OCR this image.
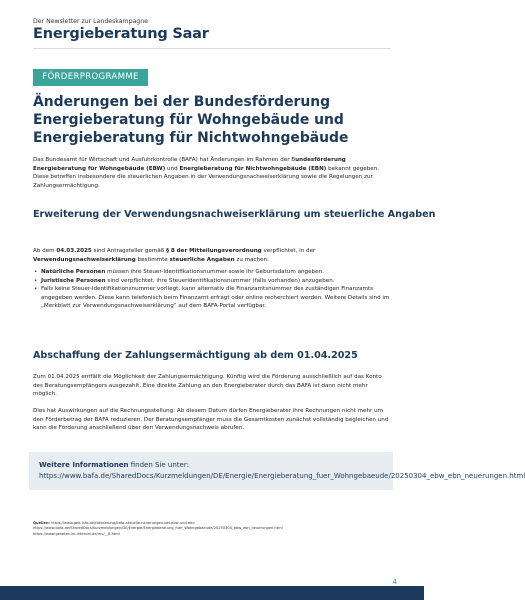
Der Newsletter zur Landeskampagne
Energieberatung Saar
FÖRDERPROGRAMME
Änderungen bei der Bundesförderung Energieberatung für Wohngebäude und Energieberatung für Nichtwohngebäude
Das Bundesamt für Wirtschaft und Ausfuhrkontrolle (BAFA) hat Änderungen im Rahmen der Bundesförderung Energieberatung für Wohngebäude (EBW) und Energieberatung für Nichtwohngebäude (EBN) bekannt gegeben. Diese betreffen insbesondere die steuerlichen Angaben in der Verwendungsnachweiserklärung sowie die Regelungen zur Zahlungsermächtigung.
Erweiterung der Verwendungsnachweiserklärung um steuerliche Angaben
Ab dem 04.03.2025 sind Antragsteller gemäß § 8 der Mitteilungsverordnung verpflichtet, in der Verwendungsnachweiserklärung bestimmte steuerliche Angaben zu machen:
• Natürliche Personen müssen ihre Steuer-Identifikationsnummer sowie ihr Geburtsdatum angeben.
• Juristische Personen sind verpflichtet, ihre Steueridentifikationsnummer (falls vorhanden) anzugeben.
• Falls keine Steuer-Identifikationsnummer vorliegt, kann alternativ die Finanzamtsnummer des zuständigen Finanzamts angegeben werden. Diese kann telefonisch beim Finanzamt erfragt oder online recherchiert werden. Weitere Details sind im „Merkblatt zur Verwendungsnachweiserklärung“ auf dem BAFA-Portal verfügbar.
Abschaffung der Zahlungsermächtigung ab dem 01.04.2025

Zum 01.04.2025 entfällt die Möglichkeit der Zahlungsermächtigung. Künftig wird die Förderung ausschließlich auf das Konto des Beratungsempfängers ausgezahlt. Eine direkte Zahlung an den Energieberater durch das BAFA ist dann nicht mehr möglich.

Dies hat Auswirkungen auf die Rechnungsstellung: Ab diesem Datum dürfen Energieberater ihre Rechnungen nicht mehr um den Förderbetrag der BAFA reduzieren. Der Beratungsempfänger muss die Gesamtkosten zunächst vollständig begleichen und kann die Förderung anschließend über den Verwendungsnachweis abrufen.

Weitere Informationen finden Sie unter: https://www.bafa.de/SharedDocs/Kurzmeldungen/DE/Energie/Energieberatung_fuer_Wohngebaeude/20250304_ebw_ebn_neuerungen.html
Quellen: https://www.geb-info.de/foerderung/bafa-aktuelle-neuerungen-bei-ebw-und-ebn
https://www.bafa.de/SharedDocs/Kurzmeldungen/DE/Energie/Energieberatung_fuer_Wohngebaeude/20250304_ebw_ebn_neuerungen.html
https://www.gesetze-im-internet.de/mv/__8.html
4
